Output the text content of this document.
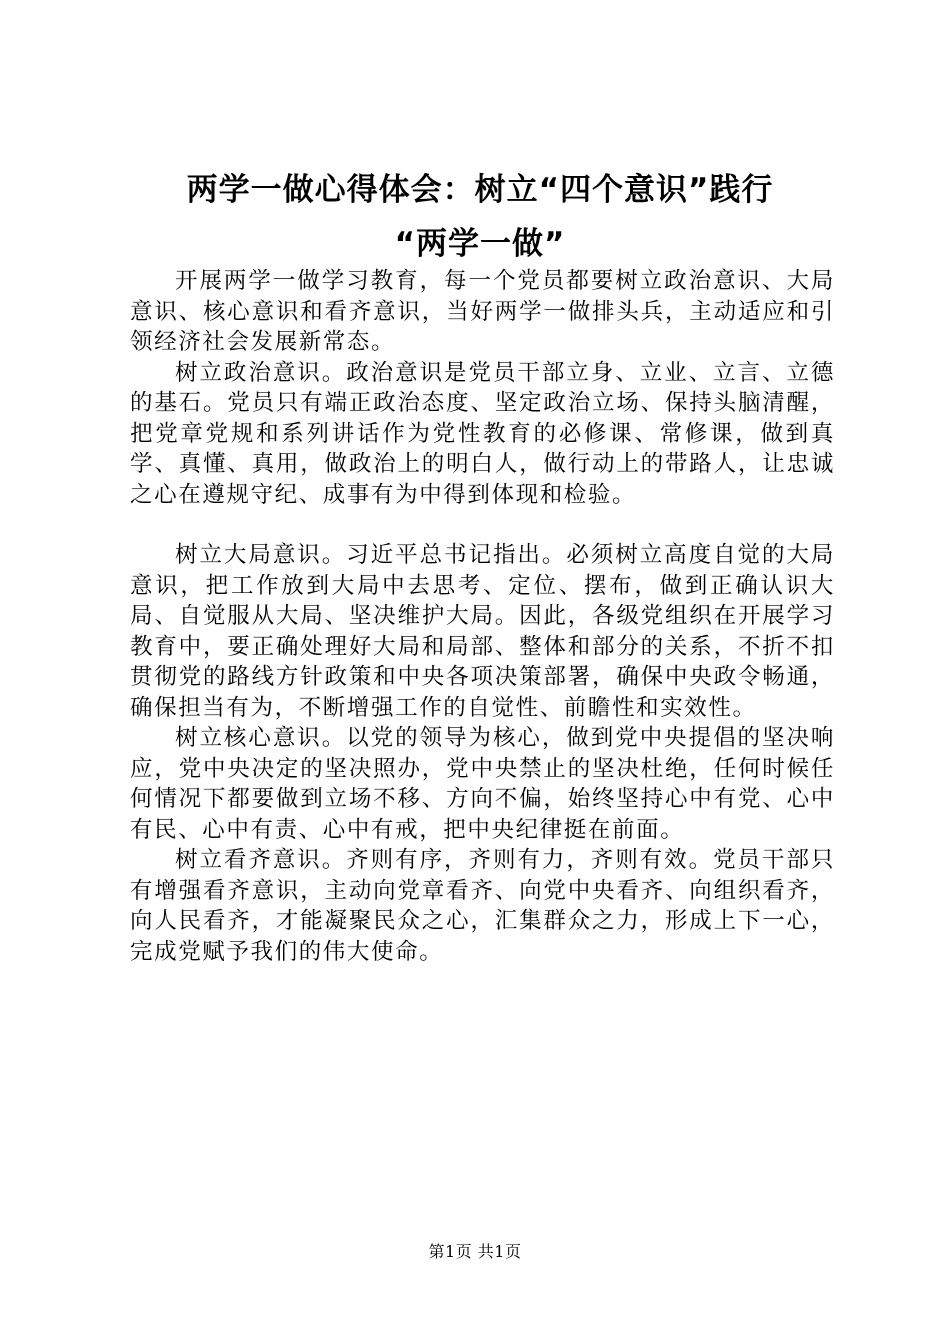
两学一做心得体会：树立“四个意识”践行
“两学一做”

开展两学一做学习教育，每一个党员都要树立政治意识、大局意识、核心意识和看齐意识，当好两学一做排头兵，主动适应和引领经济社会发展新常态。

树立政治意识。政治意识是党员干部立身、立业、立言、立德的基石。党员只有端正政治态度、坚定政治立场、保持头脑清醒，把党章党规和系列讲话作为党性教育的必修课、常修课，做到真学、真懂、真用，做政治上的明白人，做行动上的带路人，让忠诚之心在遵规守纪、成事有为中得到体现和检验。

树立大局意识。习近平总书记指出。必须树立高度自觉的大局意识，把工作放到大局中去思考、定位、摆布，做到正确认识大局、自觉服从大局、坚决维护大局。因此，各级党组织在开展学习教育中，要正确处理好大局和局部、整体和部分的关系，不折不扣贯彻党的路线方针政策和中央各项决策部署，确保中央政令畅通，确保担当有为，不断增强工作的自觉性、前瞻性和实效性。

树立核心意识。以党的领导为核心，做到党中央提倡的坚决响应，党中央决定的坚决照办，党中央禁止的坚决杜绝，任何时候任何情况下都要做到立场不移、方向不偏，始终坚持心中有党、心中有民、心中有责、心中有戒，把中央纪律挺在前面。

树立看齐意识。齐则有序，齐则有力，齐则有效。党员干部只有增强看齐意识，主动向党章看齐、向党中央看齐、向组织看齐，向人民看齐，才能凝聚民众之心，汇集群众之力，形成上下一心，完成党赋予我们的伟大使命。

第1页 共1页
